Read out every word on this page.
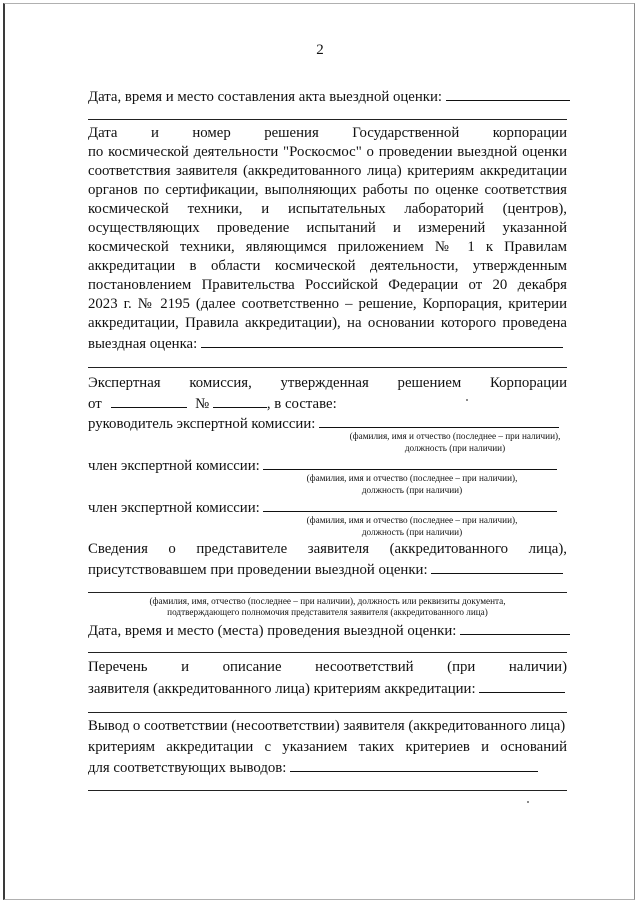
2
Дата, время и место составления акта выездной оценки:
Дата и номер решения Государственной корпорации
по космической деятельности "Роскосмос" о проведении выездной оценки
соответствия заявителя (аккредитованного лица) критериям аккредитации
органов по сертификации, выполняющих работы по оценке соответствия
космической техники, и испытательных лабораторий (центров),
осуществляющих проведение испытаний и измерений указанной
космической техники, являющимся приложением № 1 к Правилам
аккредитации в области космической деятельности, утвержденным
постановлением Правительства Российской Федерации от 20 декабря
2023 г. № 2195 (далее соответственно – решение, Корпорация, критерии
аккредитации, Правила аккредитации), на основании которого проведена
выездная оценка:
Экспертная комиссия, утвержденная решением Корпорации
от	№	, в составе:
руководитель экспертной комиссии:
(фамилия, имя и отчество (последнее – при наличии),
должность (при наличии)
член экспертной комиссии:
(фамилия, имя и отчество (последнее – при наличии),
должность (при наличии)
член экспертной комиссии:
(фамилия, имя и отчество (последнее – при наличии),
должность (при наличии)
Сведения о представителе заявителя (аккредитованного лица),
присутствовавшем при проведении выездной оценки:
(фамилия, имя, отчество (последнее – при наличии), должность или реквизиты документа,
подтверждающего полномочия представителя заявителя (аккредитованного лица)
Дата, время и место (места) проведения выездной оценки:
Перечень и описание несоответствий (при наличии)
заявителя (аккредитованного лица) критериям аккредитации:
Вывод о соответствии (несоответствии) заявителя (аккредитованного лица)
критериям аккредитации с указанием таких критериев и оснований
для соответствующих выводов:
